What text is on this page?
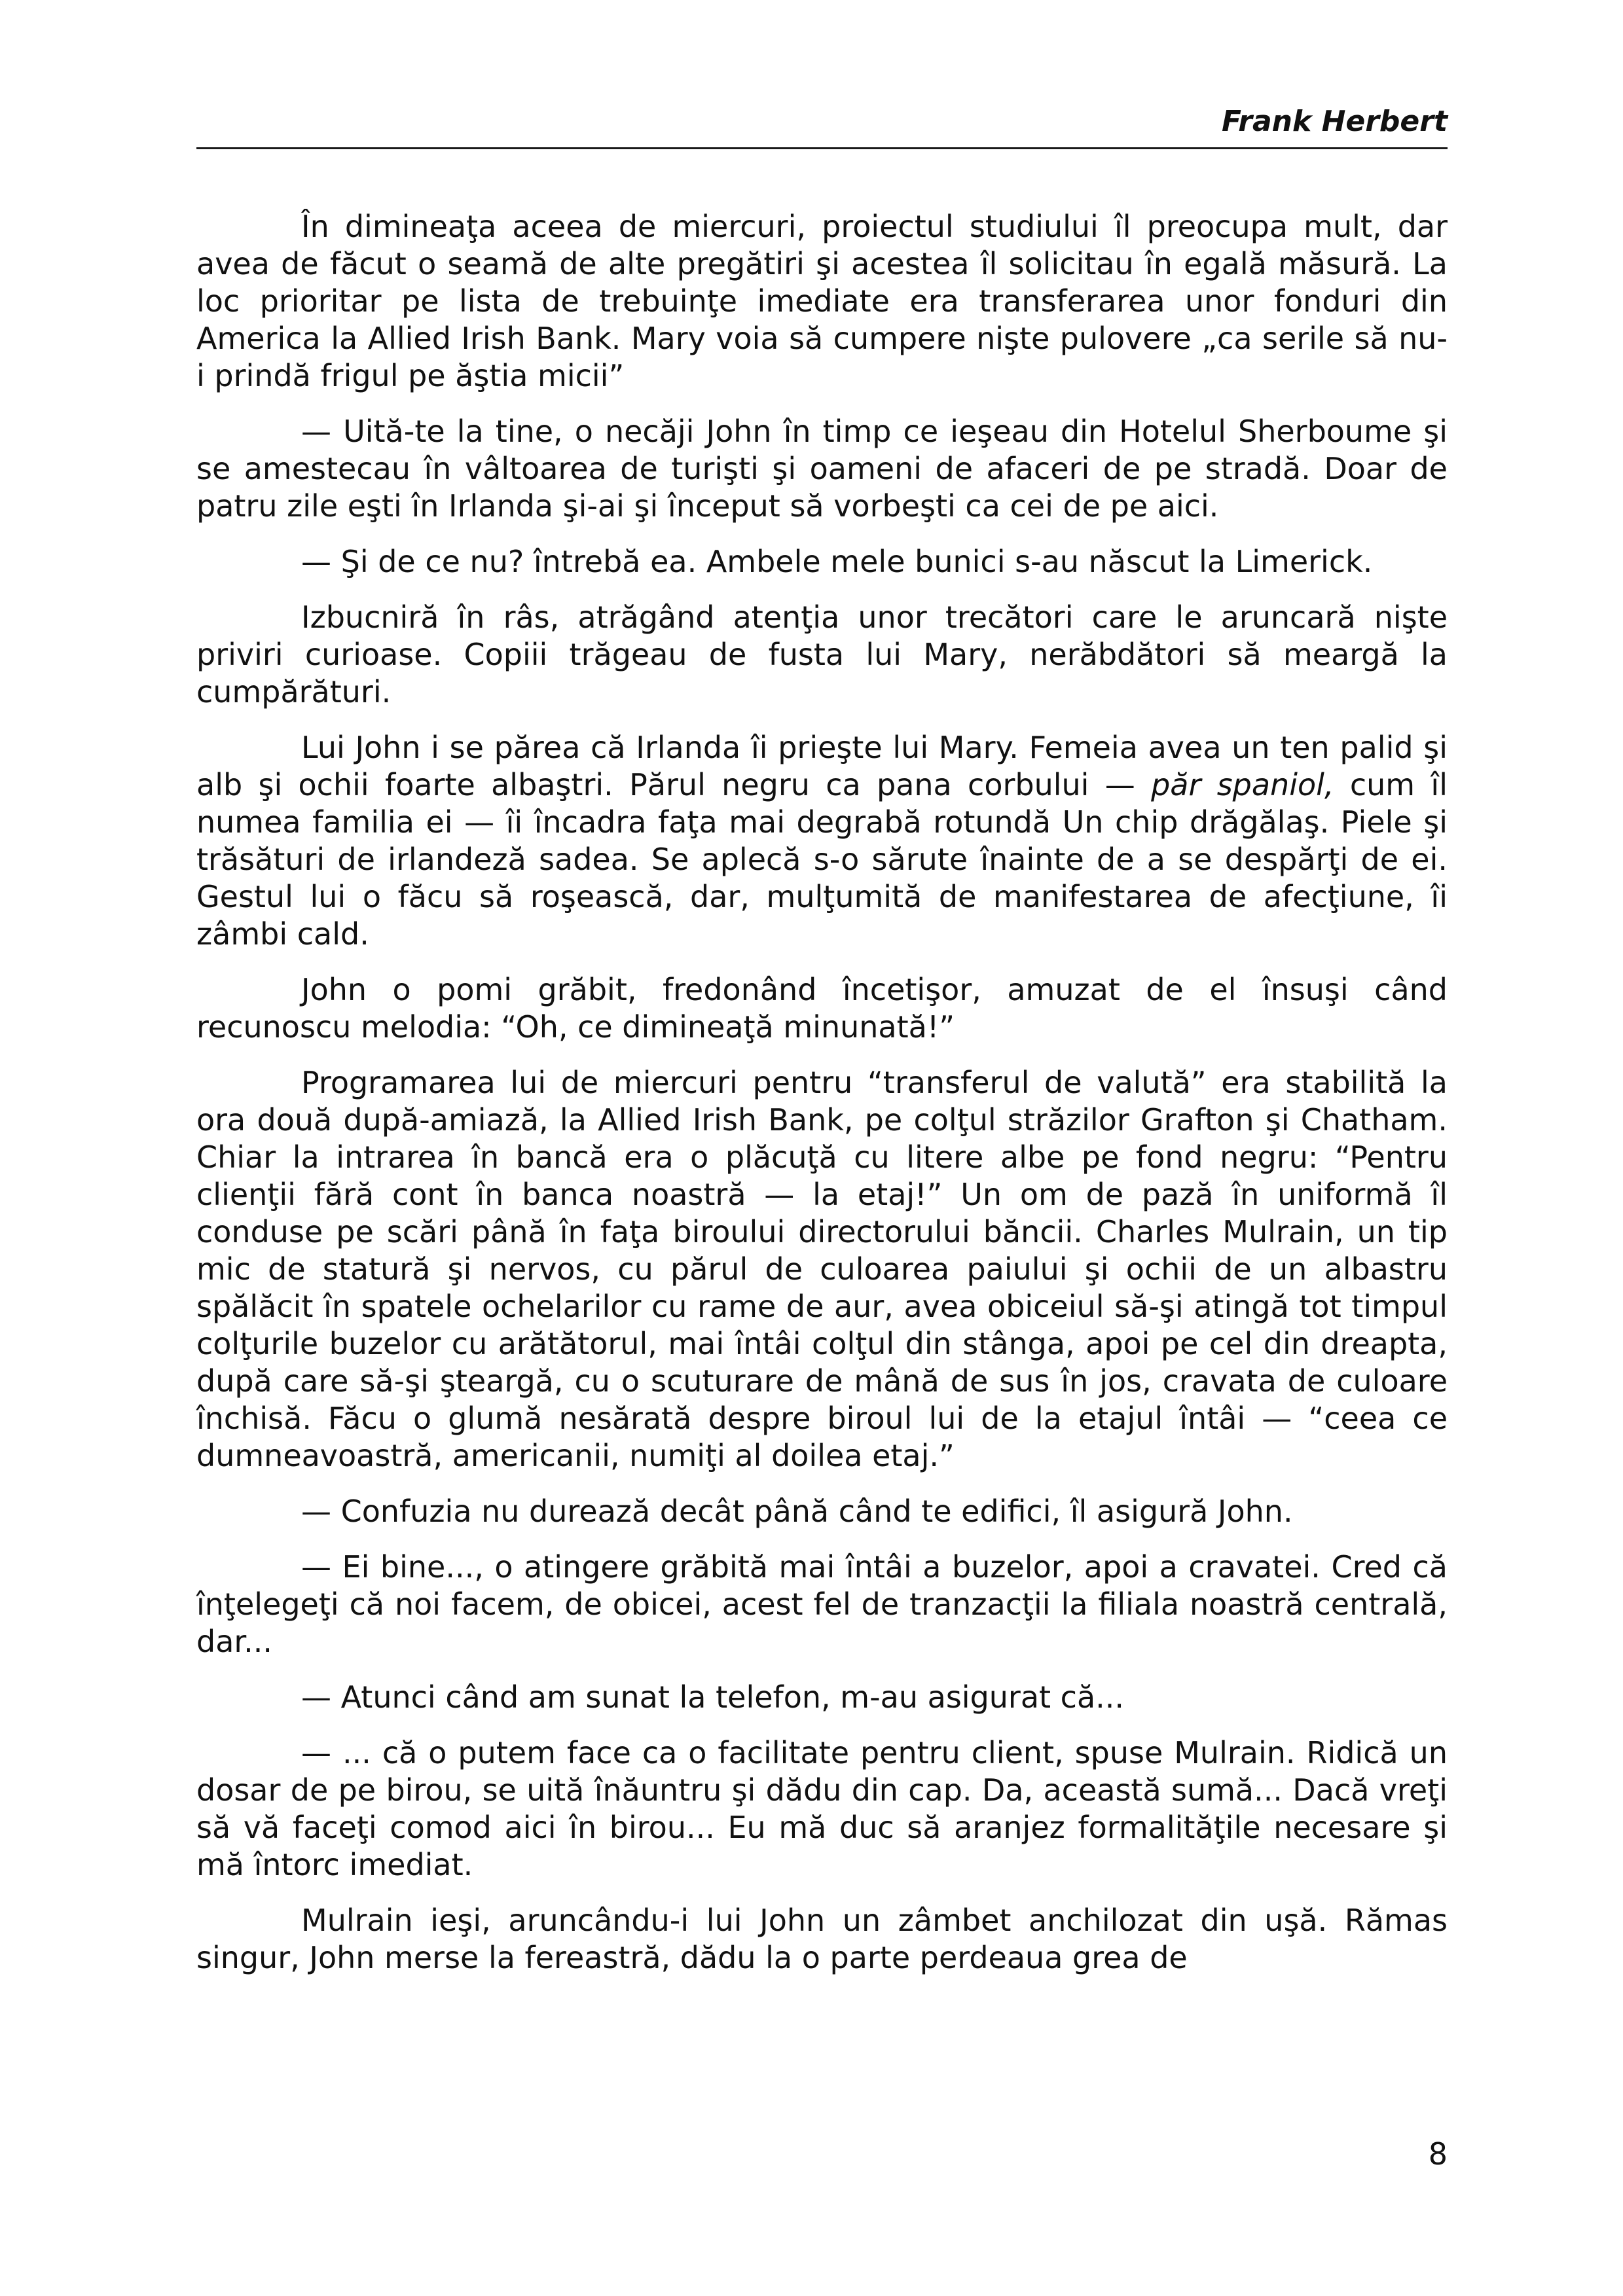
Frank Herbert

În dimineaţa aceea de miercuri, proiectul studiului îl preocupa mult, dar avea de făcut o seamă de alte pregătiri şi acestea îl solicitau în egală măsură. La loc prioritar pe lista de trebuinţe imediate era transferarea unor fonduri din America la Allied Irish Bank. Mary voia să cumpere nişte pulovere „ca serile să nu-i prindă frigul pe ăştia micii”

— Uită-te la tine, o necăji John în timp ce ieşeau din Hotelul Sherboume şi se amestecau în vâltoarea de turişti şi oameni de afaceri de pe stradă. Doar de patru zile eşti în Irlanda şi-ai şi început să vorbeşti ca cei de pe aici.

— Şi de ce nu? întrebă ea. Ambele mele bunici s-au născut la Limerick.

Izbucniră în râs, atrăgând atenţia unor trecători care le aruncară nişte priviri curioase. Copiii trăgeau de fusta lui Mary, nerăbdători să meargă la cumpărături.

Lui John i se părea că Irlanda îi prieşte lui Mary. Femeia avea un ten palid şi alb şi ochii foarte albaştri. Părul negru ca pana corbului — păr spaniol, cum îl numea familia ei — îi încadra faţa mai degrabă rotundă Un chip drăgălaş. Piele şi trăsături de irlandeză sadea. Se aplecă s-o sărute înainte de a se despărţi de ei. Gestul lui o făcu să roşească, dar, mulţumită de manifestarea de afecţiune, îi zâmbi cald.

John o pomi grăbit, fredonând încetişor, amuzat de el însuşi când recunoscu melodia: “Oh, ce dimineaţă minunată!”

Programarea lui de miercuri pentru “transferul de valută” era stabilită la ora două după-amiază, la Allied Irish Bank, pe colţul străzilor Grafton şi Chatham. Chiar la intrarea în bancă era o plăcuţă cu litere albe pe fond negru: “Pentru clienţii fără cont în banca noastră — la etaj!” Un om de pază în uniformă îl conduse pe scări până în faţa biroului directorului băncii. Charles Mulrain, un tip mic de statură şi nervos, cu părul de culoarea paiului şi ochii de un albastru spălăcit în spatele ochelarilor cu rame de aur, avea obiceiul să-şi atingă tot timpul colţurile buzelor cu arătătorul, mai întâi colţul din stânga, apoi pe cel din dreapta, după care să-şi şteargă, cu o scuturare de mână de sus în jos, cravata de culoare închisă. Făcu o glumă nesărată despre biroul lui de la etajul întâi — “ceea ce dumneavoastră, americanii, numiţi al doilea etaj.”

— Confuzia nu durează decât până când te edifici, îl asigură John.

— Ei bine..., o atingere grăbită mai întâi a buzelor, apoi a cravatei. Cred că înţelegeţi că noi facem, de obicei, acest fel de tranzacţii la filiala noastră centrală, dar...

— Atunci când am sunat la telefon, m-au asigurat că...

— ... că o putem face ca o facilitate pentru client, spuse Mulrain. Ridică un dosar de pe birou, se uită înăuntru şi dădu din cap. Da, această sumă... Dacă vreţi să vă faceţi comod aici în birou... Eu mă duc să aranjez formalităţile necesare şi mă întorc imediat.

Mulrain ieşi, aruncându-i lui John un zâmbet anchilozat din uşă. Rămas singur, John merse la fereastră, dădu la o parte perdeaua grea de

8
